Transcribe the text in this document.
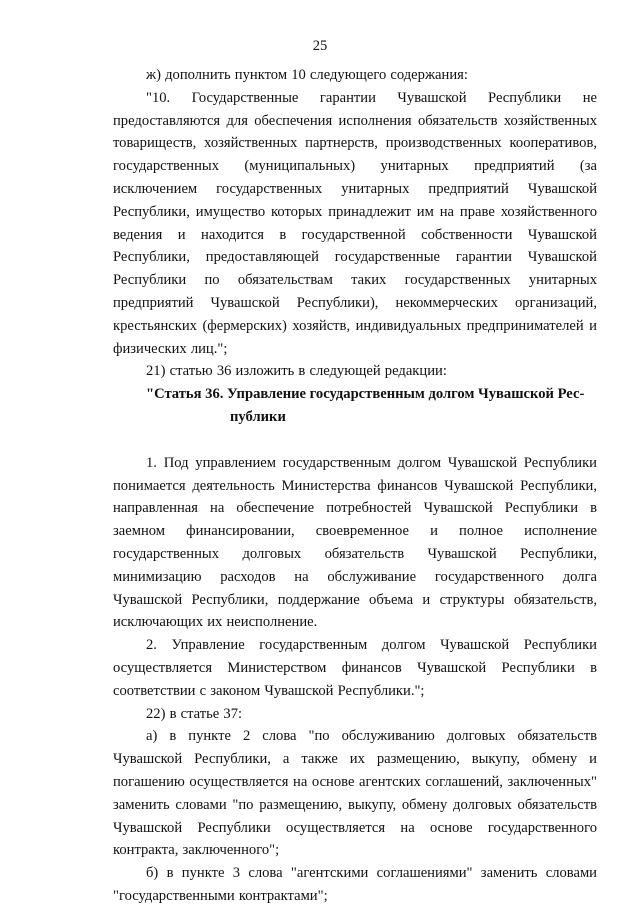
25

ж) дополнить пунктом 10 следующего содержания:

"10. Государственные гарантии Чувашской Республики не предоставляются для обеспечения исполнения обязательств хозяйственных товариществ, хозяйственных партнерств, производственных кооперативов, государственных (муниципальных) унитарных предприятий (за исключением государственных унитарных предприятий Чувашской Республики, имущество которых принадлежит им на праве хозяйственного ведения и находится в государственной собственности Чувашской Республики, предоставляющей государственные гарантии Чувашской Республики по обязательствам таких государственных унитарных предприятий Чувашской Республики), некоммерческих организаций, крестьянских (фермерских) хозяйств, индивидуальных предпринимателей и физических лиц.";

21) статью 36 изложить в следующей редакции:

"Статья 36. Управление государственным долгом Чувашской Рес-
публики

1. Под управлением государственным долгом Чувашской Республики понимается деятельность Министерства финансов Чувашской Республики, направленная на обеспечение потребностей Чувашской Республики в заемном финансировании, своевременное и полное исполнение государственных долговых обязательств Чувашской Республики, минимизацию расходов на обслуживание государственного долга Чувашской Республики, поддержание объема и структуры обязательств, исключающих их неисполнение.

2. Управление государственным долгом Чувашской Республики осуществляется Министерством финансов Чувашской Республики в соответствии с законом Чувашской Республики.";

22) в статье 37:

а) в пункте 2 слова "по обслуживанию долговых обязательств Чувашской Республики, а также их размещению, выкупу, обмену и погашению осуществляется на основе агентских соглашений, заключенных" заменить словами "по размещению, выкупу, обмену долговых обязательств Чувашской Республики осуществляется на основе государственного контракта, заключенного";

б) в пункте 3 слова "агентскими соглашениями" заменить словами "государственными контрактами";
